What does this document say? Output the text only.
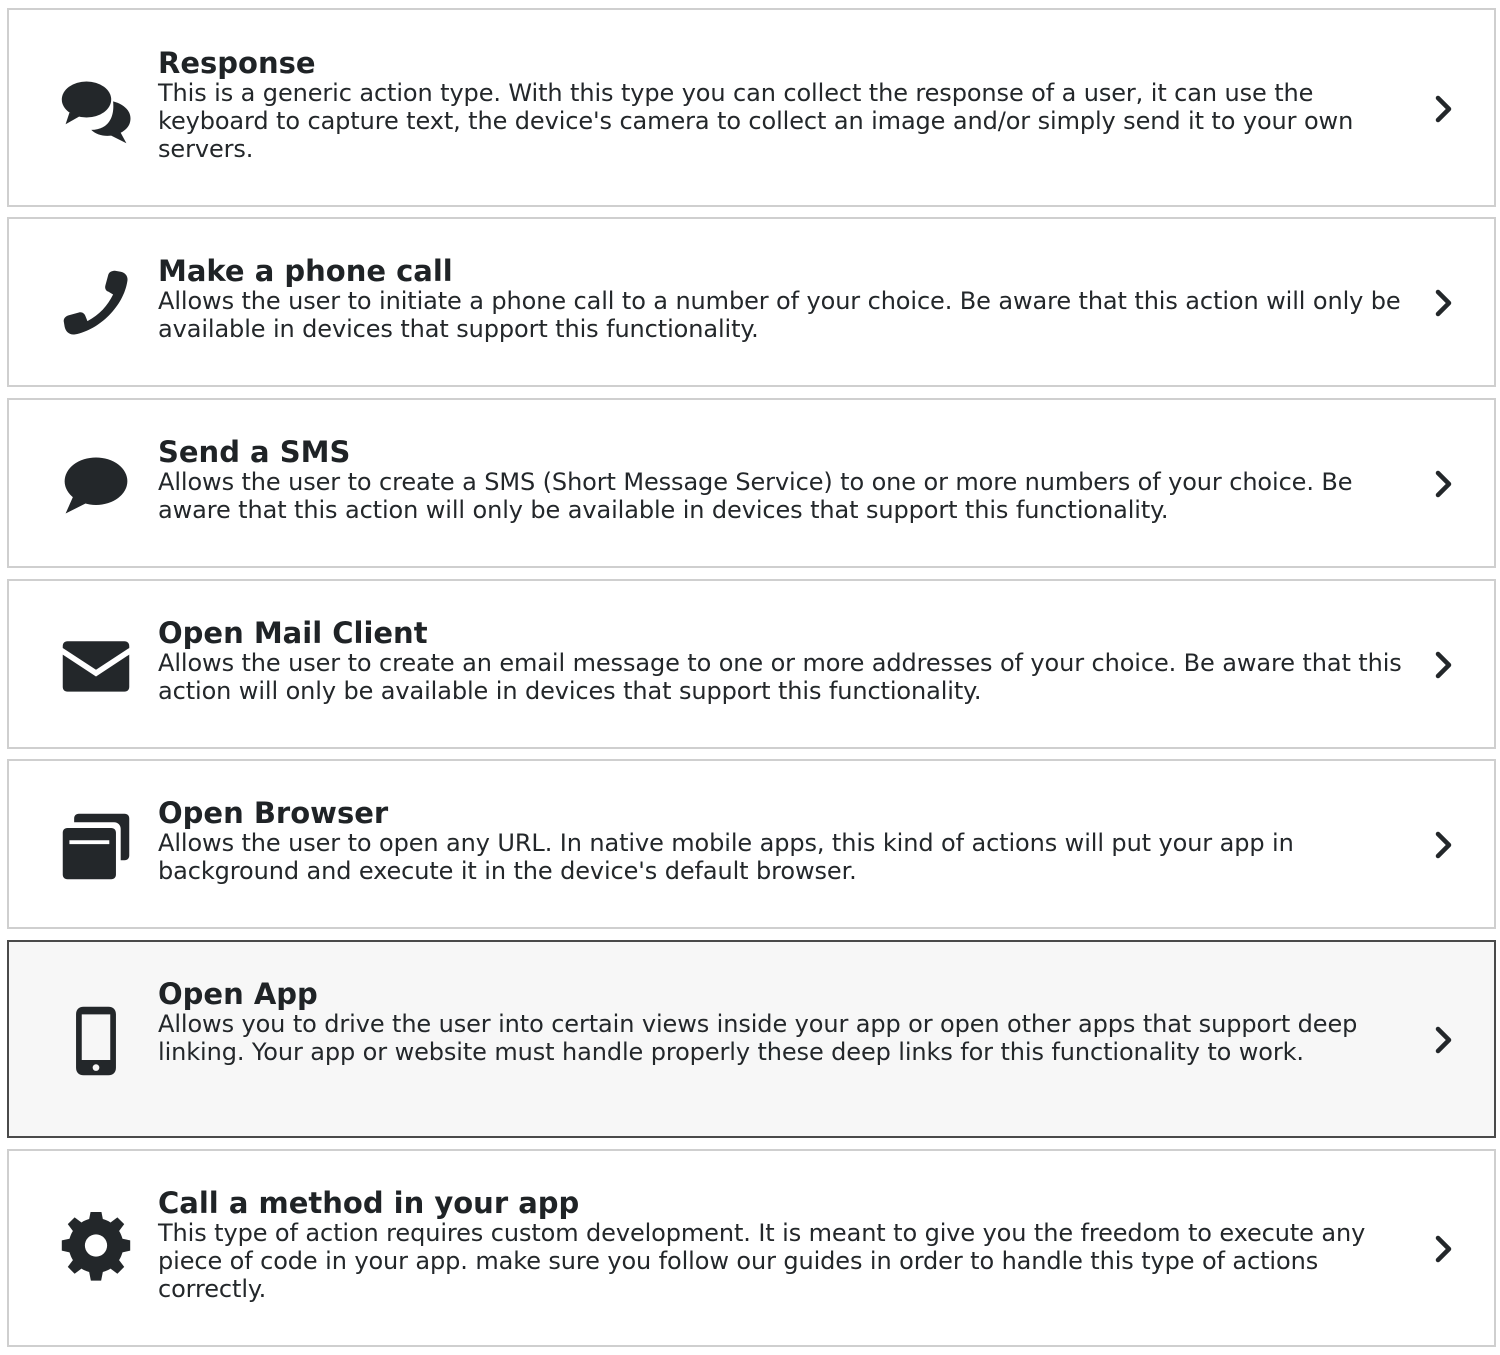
Response
This is a generic action type. With this type you can collect the response of a user, it can use the keyboard to capture text, the device's camera to collect an image and/or simply send it to your own servers.
Make a phone call
Allows the user to initiate a phone call to a number of your choice. Be aware that this action will only be available in devices that support this functionality.
Send a SMS
Allows the user to create a SMS (Short Message Service) to one or more numbers of your choice. Be aware that this action will only be available in devices that support this functionality.
Open Mail Client
Allows the user to create an email message to one or more addresses of your choice. Be aware that this action will only be available in devices that support this functionality.
Open Browser
Allows the user to open any URL. In native mobile apps, this kind of actions will put your app in background and execute it in the device's default browser.
Open App
Allows you to drive the user into certain views inside your app or open other apps that support deep linking. Your app or website must handle properly these deep links for this functionality to work.
Call a method in your app
This type of action requires custom development. It is meant to give you the freedom to execute any piece of code in your app. make sure you follow our guides in order to handle this type of actions correctly.
